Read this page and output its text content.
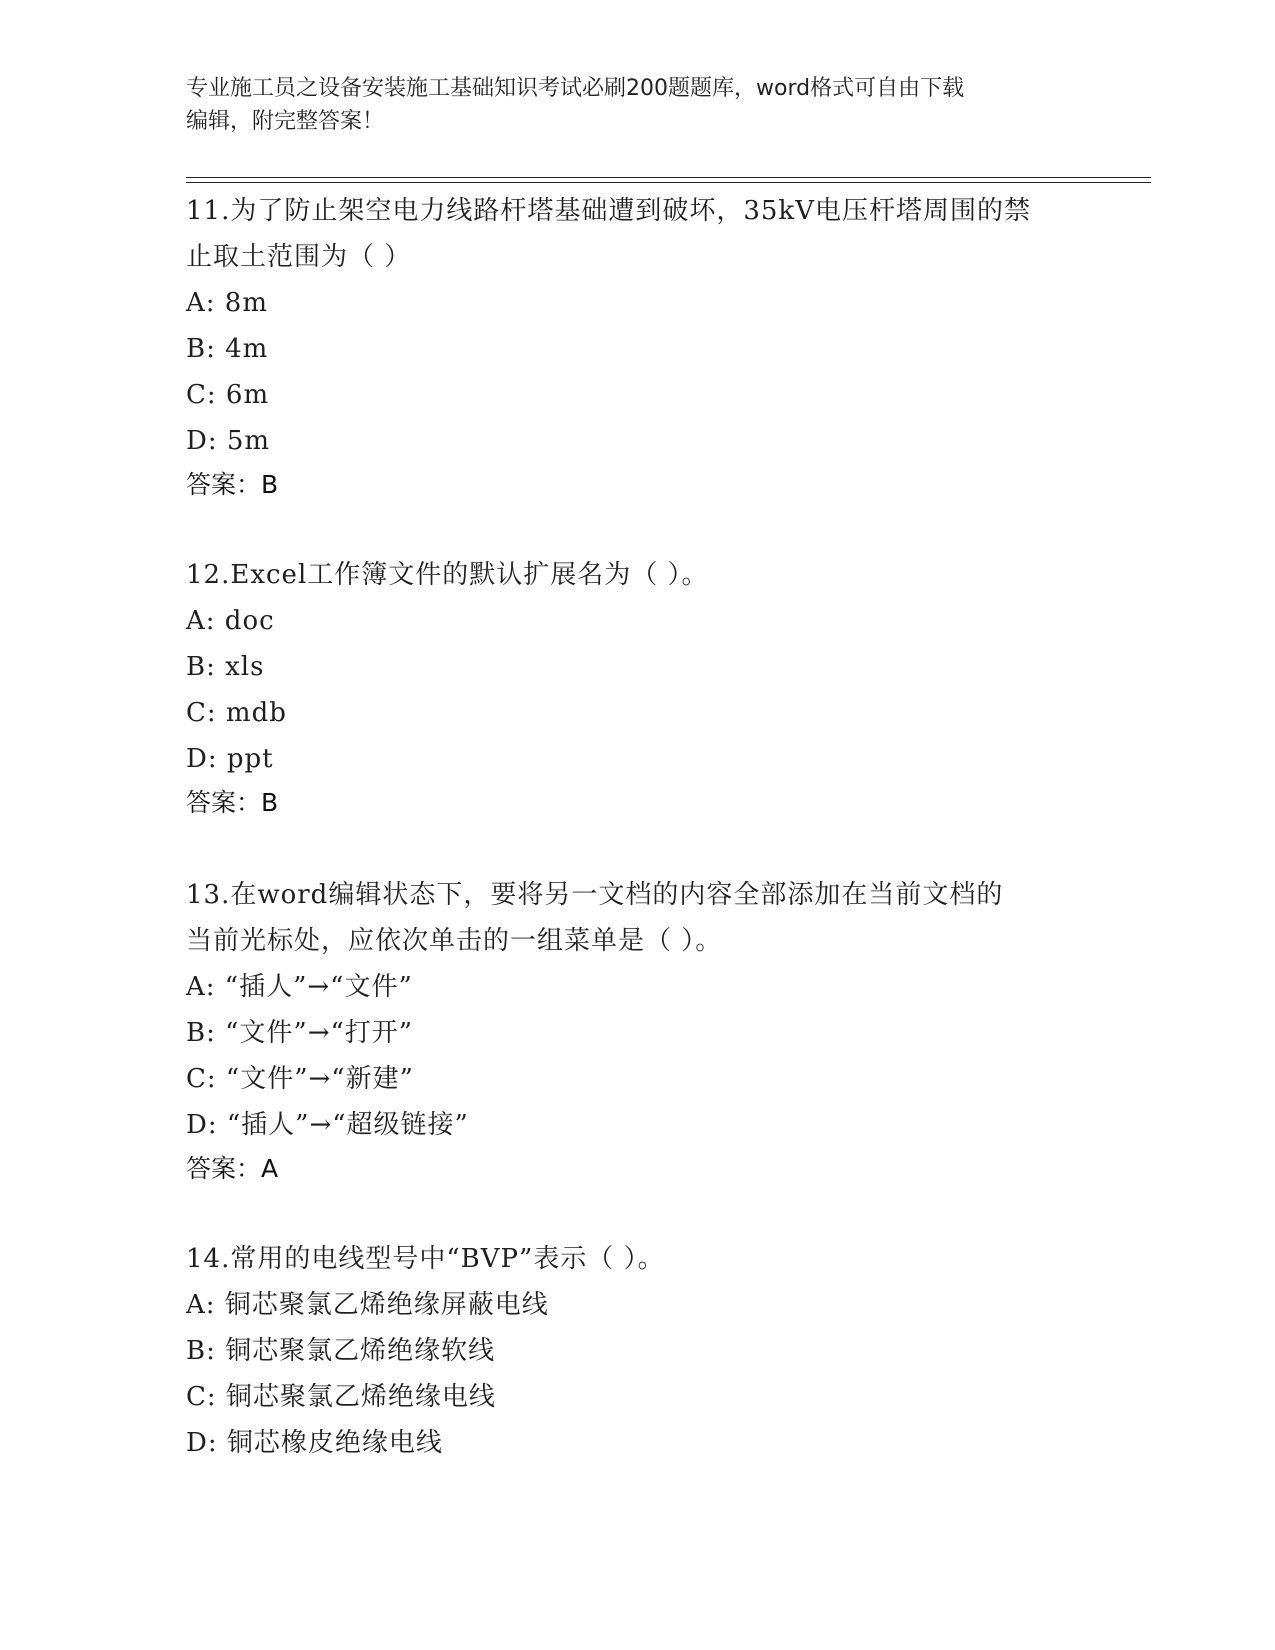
专业施工员之设备安装施工基础知识考试必刷200题题库，word格式可自由下载

编辑，附完整答案！

11.为了防止架空电力线路杆塔基础遭到破坏，35kV电压杆塔周围的禁

止取土范围为（ ）

A: 8m

B: 4m

C: 6m

D: 5m

答案：B

12.Excel工作簿文件的默认扩展名为（ ）。

A: doc

B: xls

C: mdb

D: ppt

答案：B

13.在word编辑状态下，要将另一文档的内容全部添加在当前文档的

当前光标处，应依次单击的一组菜单是（ ）。

A: “插人”→“文件”

B: “文件”→“打开”

C: “文件”→“新建”

D: “插人”→“超级链接”

答案：A

14.常用的电线型号中“BVP”表示（ ）。

A: 铜芯聚氯乙烯绝缘屏蔽电线

B: 铜芯聚氯乙烯绝缘软线

C: 铜芯聚氯乙烯绝缘电线

D: 铜芯橡皮绝缘电线
